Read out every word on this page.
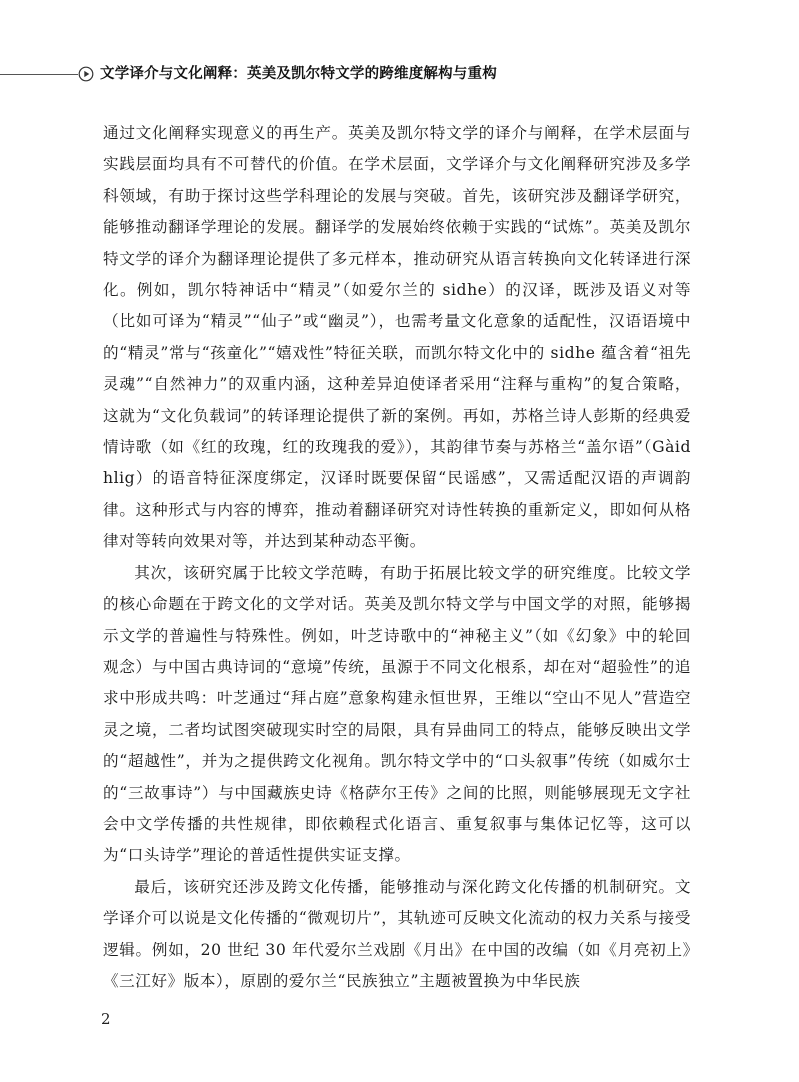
文学译介与文化阐释：英美及凯尔特文学的跨维度解构与重构

通过文化阐释实现意义的再生产。英美及凯尔特文学的译介与阐释，在学术层面与实践层面均具有不可替代的价值。在学术层面，文学译介与文化阐释研究涉及多学科领域，有助于探讨这些学科理论的发展与突破。首先，该研究涉及翻译学研究，能够推动翻译学理论的发展。翻译学的发展始终依赖于实践的“试炼”。英美及凯尔特文学的译介为翻译理论提供了多元样本，推动研究从语言转换向文化转译进行深化。例如，凯尔特神话中“精灵”（如爱尔兰的 sidhe）的汉译，既涉及语义对等（比如可译为“精灵”“仙子”或“幽灵”），也需考量文化意象的适配性，汉语语境中的“精灵”常与“孩童化”“嬉戏性”特征关联，而凯尔特文化中的 sidhe 蕴含着“祖先灵魂”“自然神力”的双重内涵，这种差异迫使译者采用“注释与重构”的复合策略，这就为“文化负载词”的转译理论提供了新的案例。再如，苏格兰诗人彭斯的经典爱情诗歌（如《红的玫瑰，红的玫瑰我的爱》），其韵律节奏与苏格兰“盖尔语”（Gàidhlig）的语音特征深度绑定，汉译时既要保留“民谣感”，又需适配汉语的声调韵律。这种形式与内容的博弈，推动着翻译研究对诗性转换的重新定义，即如何从格律对等转向效果对等，并达到某种动态平衡。

其次，该研究属于比较文学范畴，有助于拓展比较文学的研究维度。比较文学的核心命题在于跨文化的文学对话。英美及凯尔特文学与中国文学的对照，能够揭示文学的普遍性与特殊性。例如，叶芝诗歌中的“神秘主义”（如《幻象》中的轮回观念）与中国古典诗词的“意境”传统，虽源于不同文化根系，却在对“超验性”的追求中形成共鸣：叶芝通过“拜占庭”意象构建永恒世界，王维以“空山不见人”营造空灵之境，二者均试图突破现实时空的局限，具有异曲同工的特点，能够反映出文学的“超越性”，并为之提供跨文化视角。凯尔特文学中的“口头叙事”传统（如威尔士的“三故事诗”）与中国藏族史诗《格萨尔王传》之间的比照，则能够展现无文字社会中文学传播的共性规律，即依赖程式化语言、重复叙事与集体记忆等，这可以为“口头诗学”理论的普适性提供实证支撑。

最后，该研究还涉及跨文化传播，能够推动与深化跨文化传播的机制研究。文学译介可以说是文化传播的“微观切片”，其轨迹可反映文化流动的权力关系与接受逻辑。例如，20 世纪 30 年代爱尔兰戏剧《月出》在中国的改编（如《月亮初上》《三江好》版本），原剧的爱尔兰“民族独立”主题被置换为中华民族

2
